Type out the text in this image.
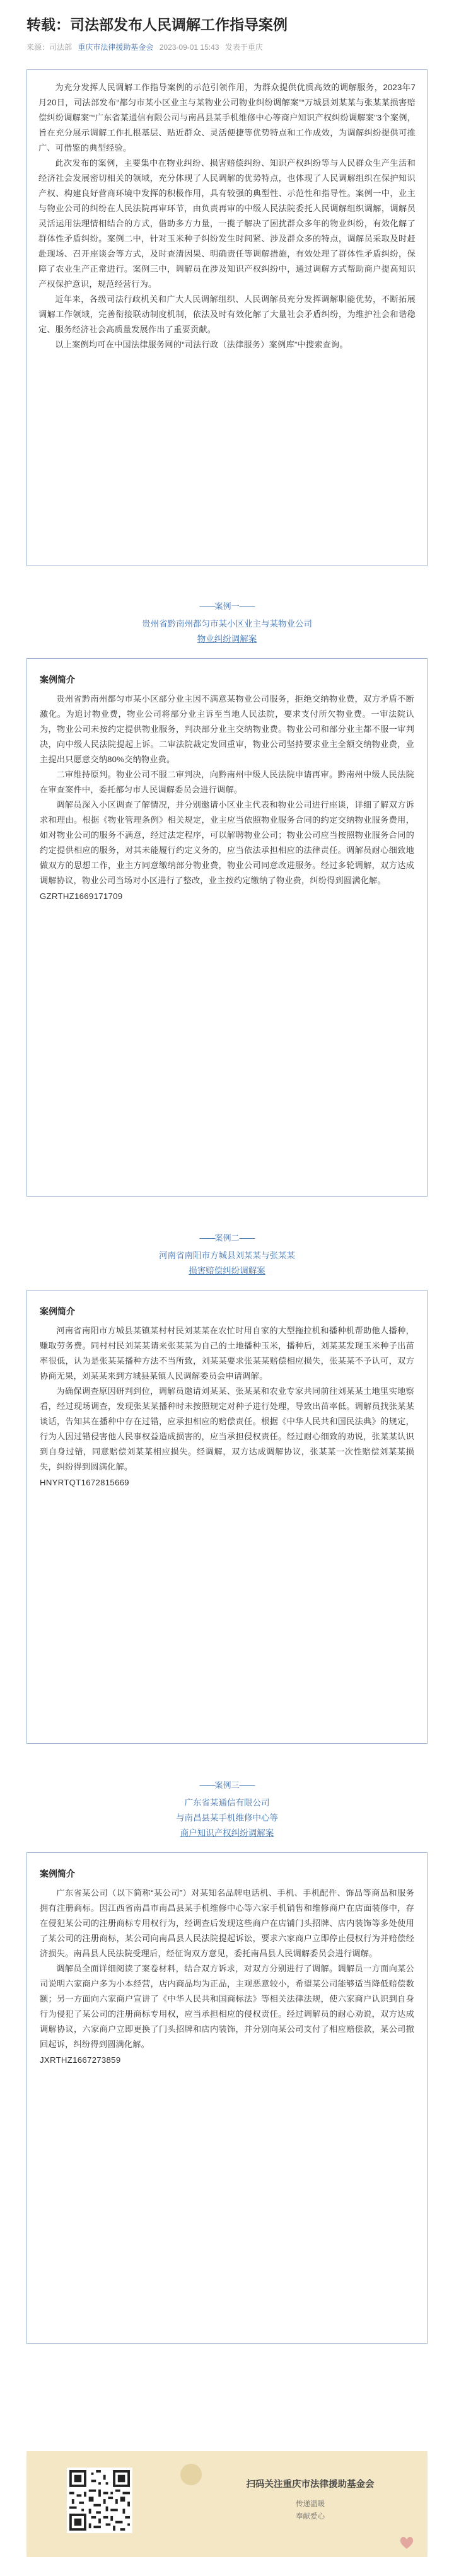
转载：司法部发布人民调解工作指导案例
来源：司法部 重庆市法律援助基金会 2023-09-01 15:43 发表于重庆

为充分发挥人民调解工作指导案例的示范引领作用，为群众提供优质高效的调解服务，2023年7月20日，司法部发布“都匀市某小区业主与某物业公司物业纠纷调解案”“万城县刘某某与张某某损害赔偿纠纷调解案”“广东省某通信有限公司与南昌县某手机维修中心等商户知识产权纠纷调解案”3个案例，旨在充分展示调解工作扎根基层、贴近群众、灵活便捷等优势特点和工作成效，为调解纠纷提供可推广、可借鉴的典型经验。

此次发布的案例，主要集中在物业纠纷、损害赔偿纠纷、知识产权纠纷等与人民群众生产生活和经济社会发展密切相关的领域，充分体现了人民调解的优势特点，也体现了人民调解组织在保护知识产权、构建良好营商环境中发挥的积极作用，具有较强的典型性、示范性和指导性。案例一中，业主与物业公司的纠纷在人民法院再审环节，由负责再审的中级人民法院委托人民调解组织调解，调解员灵活运用法理情相结合的方式，借助多方力量，一揽子解决了困扰群众多年的物业纠纷，有效化解了群体性矛盾纠纷。案例二中，针对玉米种子纠纷发生时间紧、涉及群众多的特点，调解员采取及时赶赴现场、召开座谈会等方式，及时查清因果、明确责任等调解措施，有效处理了群体性矛盾纠纷，保障了农业生产正常进行。案例三中，调解员在涉及知识产权纠纷中，通过调解方式帮助商户提高知识产权保护意识，规范经营行为。

近年来，各级司法行政机关和广大人民调解组织、人民调解员充分发挥调解职能优势，不断拓展调解工作领域，完善衔接联动制度机制，依法及时有效化解了大量社会矛盾纠纷，为维护社会和谐稳定、服务经济社会高质量发展作出了重要贡献。

以上案例均可在中国法律服务网的“司法行政（法律服务）案例库”中搜索查询。

——案例一——
贵州省黔南州都匀市某小区业主与某物业公司
物业纠纷调解案
案例简介

贵州省黔南州都匀市某小区部分业主因不满意某物业公司服务，拒绝交纳物业费，双方矛盾不断激化。为追讨物业费，物业公司将部分业主诉至当地人民法院，要求支付所欠物业费。一审法院认为，物业公司未按约定提供物业服务，判决部分业主交纳物业费。物业公司和部分业主都不服一审判决，向中级人民法院提起上诉。二审法院裁定发回重审，物业公司坚持要求业主全额交纳物业费，业主提出只愿意交纳80%交纳物业费。

二审维持原判。物业公司不服二审判决，向黔南州中级人民法院申请再审。黔南州中级人民法院在审查案件中，委托都匀市人民调解委员会进行调解。

调解员深入小区调查了解情况，并分别邀请小区业主代表和物业公司进行座谈，详细了解双方诉求和理由。根据《物业管理条例》相关规定，业主应当依照物业服务合同的约定交纳物业服务费用，如对物业公司的服务不满意，经过法定程序，可以解聘物业公司；物业公司应当按照物业服务合同的约定提供相应的服务，对其未能履行约定义务的，应当依法承担相应的法律责任。调解员耐心细致地做双方的思想工作，业主方同意缴纳部分物业费，物业公司同意改进服务。经过多轮调解，双方达成调解协议，物业公司当场对小区进行了整改，业主按约定缴纳了物业费，纠纷得到圆满化解。

GZRTHZ1669171709
——案例二——
河南省南阳市方城县刘某某与张某某
损害赔偿纠纷调解案
案例简介

河南省南阳市方城县某镇某村村民刘某某在农忙时用自家的大型拖拉机和播种机帮助他人播种，赚取劳务费。同村村民刘某某请来张某某为自己的土地播种玉米，播种后，刘某某发现玉米种子出苗率很低，认为是张某某播种方法不当所致，刘某某要求张某某赔偿相应损失，张某某不予认可，双方协商无果，刘某某来到方城县某镇人民调解委员会申请调解。

为确保调查原因研判到位，调解员邀请刘某某、张某某和农业专家共同前往刘某某土地里实地察看，经过现场调查，发现张某某播种时未按照规定对种子进行处理，导致出苗率低。调解员找张某某谈话，告知其在播种中存在过错，应承担相应的赔偿责任。根据《中华人民共和国民法典》的规定，行为人因过错侵害他人民事权益造成损害的，应当承担侵权责任。经过耐心细致的劝说，张某某认识到自身过错，同意赔偿刘某某相应损失。经调解，双方达成调解协议，张某某一次性赔偿刘某某损失，纠纷得到圆满化解。

HNYRTQT1672815669
——案例三——
广东省某通信有限公司
与南昌县某手机维修中心等
商户知识产权纠纷调解案
案例简介

广东省某公司（以下简称“某公司”）对某知名品牌电话机、手机、手机配件、饰品等商品和服务拥有注册商标。因江西省南昌市南昌县某手机维修中心等六家手机销售和维修商户在店面装修中，存在侵犯某公司的注册商标专用权行为，经调查后发现这些商户在店铺门头招牌、店内装饰等多处使用了某公司的注册商标，某公司向南昌县人民法院提起诉讼，要求六家商户立即停止侵权行为并赔偿经济损失。南昌县人民法院受理后，经征询双方意见，委托南昌县人民调解委员会进行调解。

调解员全面详细阅读了案卷材料，结合双方诉求，对双方分别进行了调解。调解员一方面向某公司说明六家商户多为小本经营，店内商品均为正品，主观恶意较小，希望某公司能够适当降低赔偿数额；另一方面向六家商户宣讲了《中华人民共和国商标法》等相关法律法规，使六家商户认识到自身行为侵犯了某公司的注册商标专用权，应当承担相应的侵权责任。经过调解员的耐心劝说，双方达成调解协议，六家商户立即更换了门头招牌和店内装饰，并分别向某公司支付了相应赔偿款，某公司撤回起诉，纠纷得到圆满化解。

JXRTHZ1667273859
扫码关注重庆市法律援助基金会
传递温暖
奉献爱心
